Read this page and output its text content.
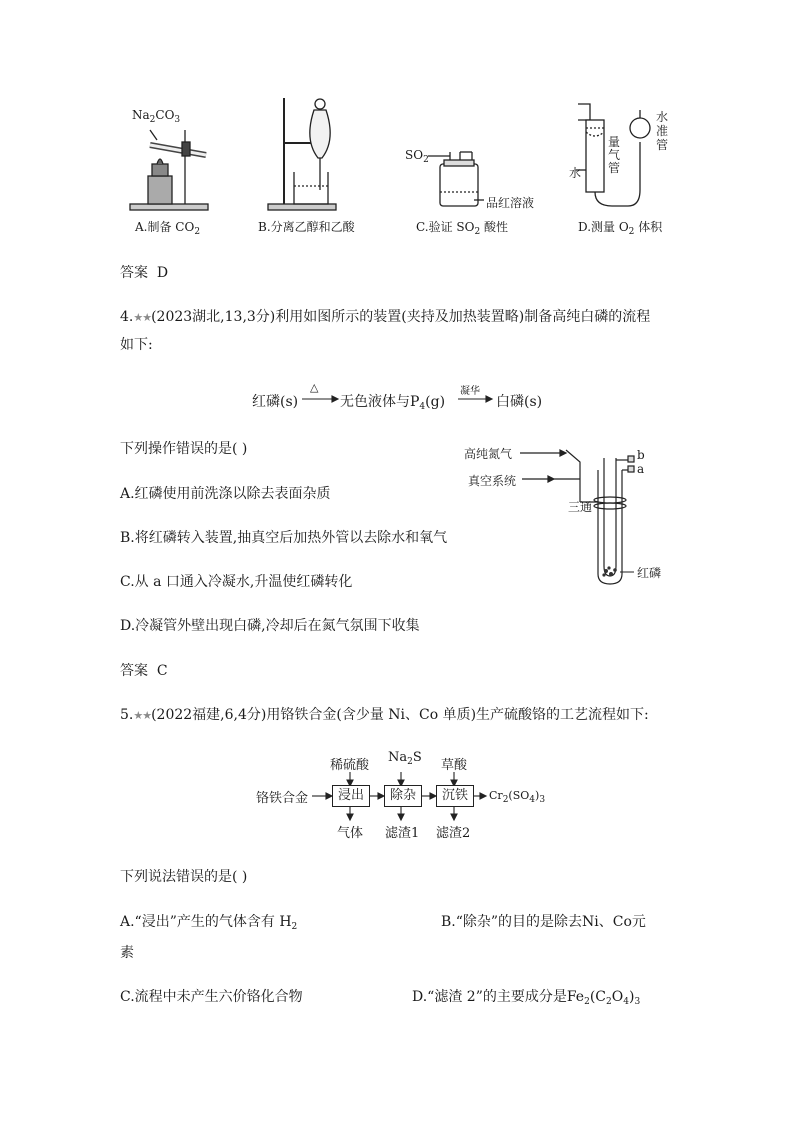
$Na_2CO_3$
A.制备 $CO_2$	B.分离乙醇和乙酸
$SO_2$
品红溶液
C.验证 $SO_2$ 酸性
水
量
气
管
水
准
管
D.测量 $O_2$ 体积
答案 D
4.★★(2023湖北,13,3分)利用如图所示的装置(夹持及加热装置略)制备高纯白磷的流程
如下:
红磷(s)
△
无色液体与$P_4(g)$
凝华
白磷(s)
下列操作错误的是( )
A.红磷使用前洗涤以除去表面杂质
B.将红磷转入装置,抽真空后加热外管以去除水和氧气
C.从 a 口通入冷凝水,升温使红磷转化
D.冷凝管外壁出现白磷,冷却后在氮气氛围下收集
高纯氮气
真空系统
b
a
三通
红磷
答案 C
5.★★(2022福建,6,4分)用铬铁合金(含少量 Ni、Co 单质)生产硫酸铬的工艺流程如下:
铬铁合金	浸出	除杂	沉铁
稀硫酸
$Na_2S$
草酸
气体 滤渣1 滤渣2
$Cr_2(SO_4)_3$
下列说法错误的是( )
A.“浸出”产生的气体含有 $H_2$	B.“除杂”的目的是除去Ni、Co元
素
C.流程中未产生六价铬化合物	D.“滤渣 2”的主要成分是$Fe_2(C_2O_4)_3$
